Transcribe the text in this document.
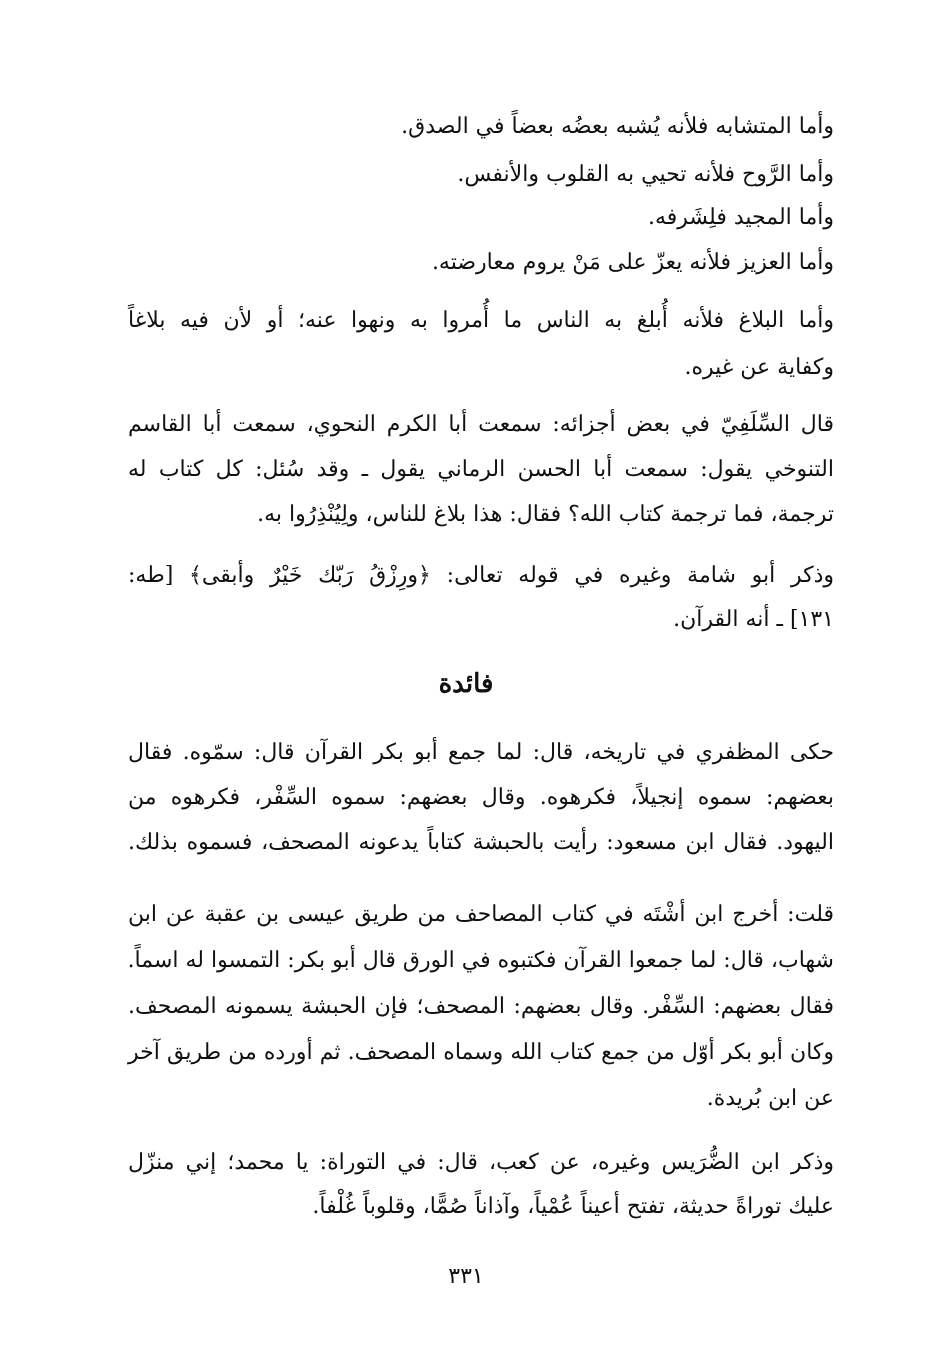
وأما المتشابه فلأنه يُشبه بعضُه بعضاً في الصدق.
وأما الرَّوح فلأنه تحيي به القلوب والأنفس.
وأما المجيد فلِشَرفه.
وأما العزيز فلأنه يعزّ على مَنْ يروم معارضته.
وأما البلاغ فلأنه أُبلغ به الناس ما أُمروا به ونهوا عنه؛ أو لأن فيه بلاغاً
وكفاية عن غيره.
قال السِّلَفِيّ في بعض أجزائه: سمعت أبا الكرم النحوي، سمعت أبا القاسم
التنوخي يقول: سمعت أبا الحسن الرماني يقول ـ وقد سُئل: كل كتاب له
ترجمة، فما ترجمة كتاب الله؟ فقال: هذا بلاغ للناس، ولِيُنْذِرُوا به.
وذكر أبو شامة وغيره في قوله تعالى: ﴿ورِزْقُ رَبّك خَيْرٌ وأبقى﴾ [طه:
١٣١] ـ أنه القرآن.
فائدة
حكى المظفري في تاريخه، قال: لما جمع أبو بكر القرآن قال: سمّوه. فقال
بعضهم: سموه إنجيلاً، فكرهوه. وقال بعضهم: سموه السِّفْر، فكرهوه من
اليهود. فقال ابن مسعود: رأيت بالحبشة كتاباً يدعونه المصحف، فسموه بذلك.
قلت: أخرج ابن أشْتَه في كتاب المصاحف من طريق عيسى بن عقبة عن ابن
شهاب، قال: لما جمعوا القرآن فكتبوه في الورق قال أبو بكر: التمسوا له اسماً.
فقال بعضهم: السِّفْر. وقال بعضهم: المصحف؛ فإن الحبشة يسمونه المصحف.
وكان أبو بكر أوّل من جمع كتاب الله وسماه المصحف. ثم أورده من طريق آخر
عن ابن بُريدة.
وذكر ابن الضُّرَيس وغيره، عن كعب، قال: في التوراة: يا محمد؛ إني منزّل
عليك توراةً حديثة، تفتح أعيناً عُمْياً، وآذاناً صُمًّا، وقلوباً غُلْفاً.
٣٣١
